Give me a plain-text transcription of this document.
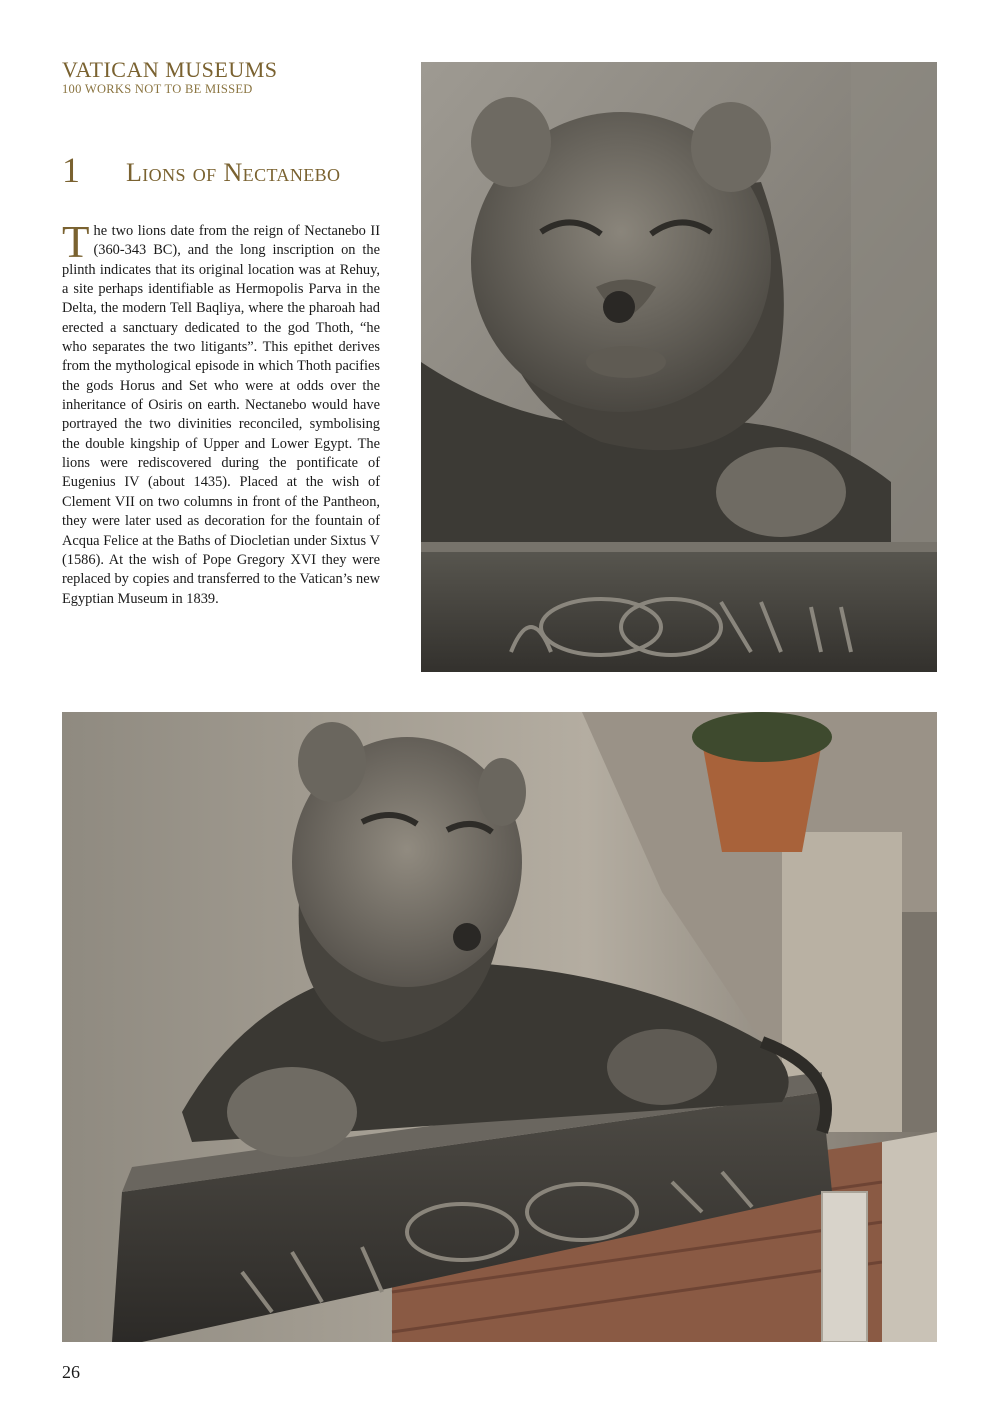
VATICAN MUSEUMS
100 WORKS NOT TO BE MISSED
1 Lions of Nectanebo

The two lions date from the reign of Nectanebo II (360-343 BC), and the long inscription on the plinth indicates that its original location was at Rehuy, a site perhaps identifiable as Hermopolis Parva in the Delta, the modern Tell Baqliya, where the pharoah had erected a sanctuary dedicated to the god Thoth, “he who separates the two litigants”. This epithet derives from the mythological episode in which Thoth pacifies the gods Horus and Set who were at odds over the inheritance of Osiris on earth. Nectanebo would have portrayed the two divinities reconciled, symbolising the double kingship of Upper and Lower Egypt. The lions were rediscovered during the pontificate of Eugenius IV (about 1435). Placed at the wish of Clement VII on two columns in front of the Pantheon, they were later used as decoration for the fountain of Acqua Felice at the Baths of Diocletian under Sixtus V (1586). At the wish of Pope Gregory XVI they were replaced by copies and transferred to the Vatican’s new Egyptian Museum in 1839.

26
